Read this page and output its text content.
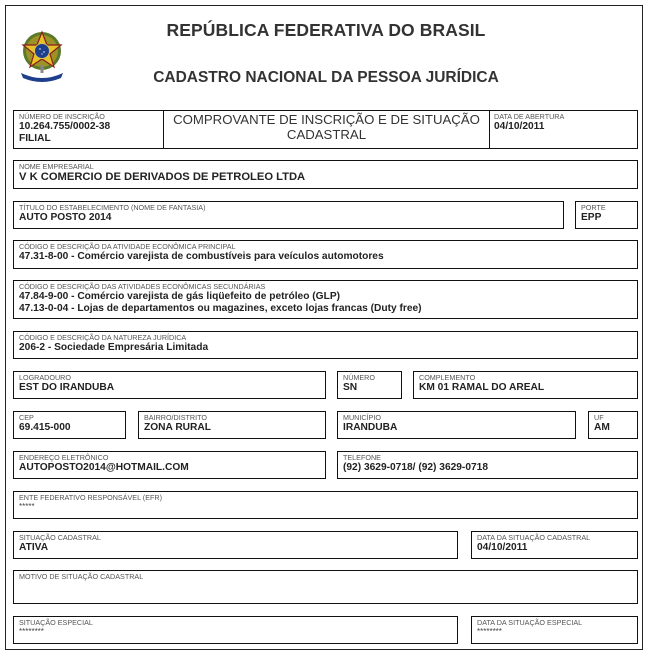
REPÚBLICA FEDERATIVA DO BRASIL
CADASTRO NACIONAL DA PESSOA JURÍDICA
NÚMERO DE INSCRIÇÃO
10.264.755/0002-38
FILIAL
COMPROVANTE DE INSCRIÇÃO E DE SITUAÇÃO
CADASTRAL
DATA DE ABERTURA
04/10/2011
NOME EMPRESARIAL
V K COMERCIO DE DERIVADOS DE PETROLEO LTDA
TÍTULO DO ESTABELECIMENTO (NOME DE FANTASIA)
AUTO POSTO 2014
PORTE
EPP
CÓDIGO E DESCRIÇÃO DA ATIVIDADE ECONÔMICA PRINCIPAL
47.31-8-00 - Comércio varejista de combustíveis para veículos automotores
CÓDIGO E DESCRIÇÃO DAS ATIVIDADES ECONÔMICAS SECUNDÁRIAS
47.84-9-00 - Comércio varejista de gás liqüefeito de petróleo (GLP)
47.13-0-04 - Lojas de departamentos ou magazines, exceto lojas francas (Duty free)
CÓDIGO E DESCRIÇÃO DA NATUREZA JURÍDICA
206-2 - Sociedade Empresária Limitada
LOGRADOURO
EST DO IRANDUBA
NÚMERO
SN
COMPLEMENTO
KM 01 RAMAL DO AREAL
CEP
69.415-000
BAIRRO/DISTRITO
ZONA RURAL
MUNICÍPIO
IRANDUBA
UF
AM
ENDEREÇO ELETRÔNICO
AUTOPOSTO2014@HOTMAIL.COM
TELEFONE
(92) 3629-0718/ (92) 3629-0718
ENTE FEDERATIVO RESPONSÁVEL (EFR)
*****
SITUAÇÃO CADASTRAL
ATIVA
DATA DA SITUAÇÃO CADASTRAL
04/10/2011
MOTIVO DE SITUAÇÃO CADASTRAL
SITUAÇÃO ESPECIAL
********
DATA DA SITUAÇÃO ESPECIAL
********
